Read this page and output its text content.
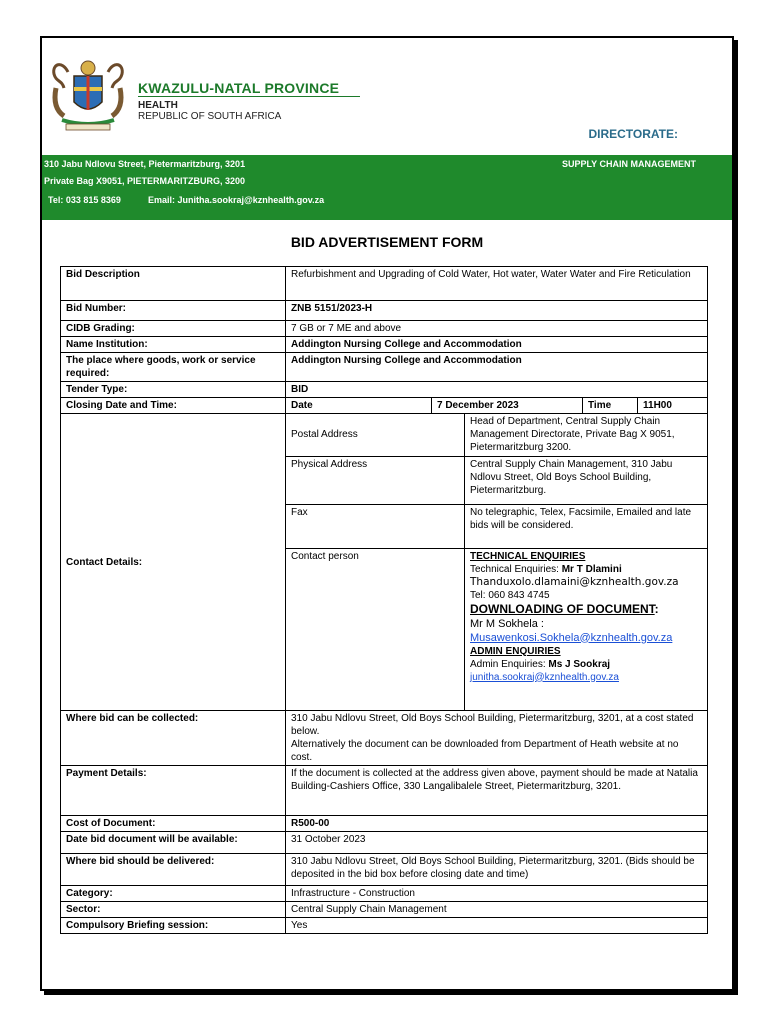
KWAZULU-NATAL PROVINCE
HEALTH
REPUBLIC OF SOUTH AFRICA
DIRECTORATE:
310 Jabu Ndlovu Street, Pietermaritzburg, 3201	SUPPLY CHAIN MANAGEMENT
Private Bag X9051, PIETERMARITZBURG, 3200
Tel: 033 815 8369	Email: Junitha.sookraj@kznhealth.gov.za
BID ADVERTISEMENT FORM
Bid Description	Refurbishment and Upgrading of Cold Water, Hot water, Water Water and Fire Reticulation
Bid Number:	ZNB 5151/2023-H
CIDB Grading:	7 GB or 7 ME and above
Name Institution:	Addington Nursing College and Accommodation
The place where goods, work or service required:	Addington Nursing College and Accommodation
Tender Type:	BID
Closing Date and Time:		Date	7 December 2023	Time	11H00

Contact Details:	
Postal Address	Head of Department, Central Supply Chain Management Directorate, Private Bag X 9051, Pietermaritzburg 3200.
Physical Address	Central Supply Chain Management, 310 Jabu Ndlovu Street, Old Boys School Building, Pietermaritzburg.
Fax	No telegraphic, Telex, Facsimile, Emailed and late bids will be considered.
Contact person	TECHNICAL ENQUIRIES
Technical Enquiries: Mr T Dlamini
Thanduxolo.dlamaini@kznhealth.gov.za
Tel: 060 843 4745
DOWNLOADING OF DOCUMENT:
Mr M Sokhela :
Musawenkosi.Sokhela@kznhealth.gov.za
ADMIN ENQUIRIES
Admin Enquiries: Ms J Sookraj
junitha.sookraj@kznhealth.gov.za

Where bid can be collected:	310 Jabu Ndlovu Street, Old Boys School Building, Pietermaritzburg, 3201, at a cost stated below.
Alternatively the document can be downloaded from Department of Heath website at no cost.

Payment Details:	If the document is collected at the address given above, payment should be made at Natalia Building-Cashiers Office, 330 Langalibalele Street, Pietermaritzburg, 3201.
Cost of Document:	R500-00
Date bid document will be available:	31 October 2023
Where bid should be delivered:	310 Jabu Ndlovu Street, Old Boys School Building, Pietermaritzburg, 3201. (Bids should be deposited in the bid box before closing date and time)
Category:	Infrastructure - Construction
Sector:	Central Supply Chain Management
Compulsory Briefing session:	Yes
